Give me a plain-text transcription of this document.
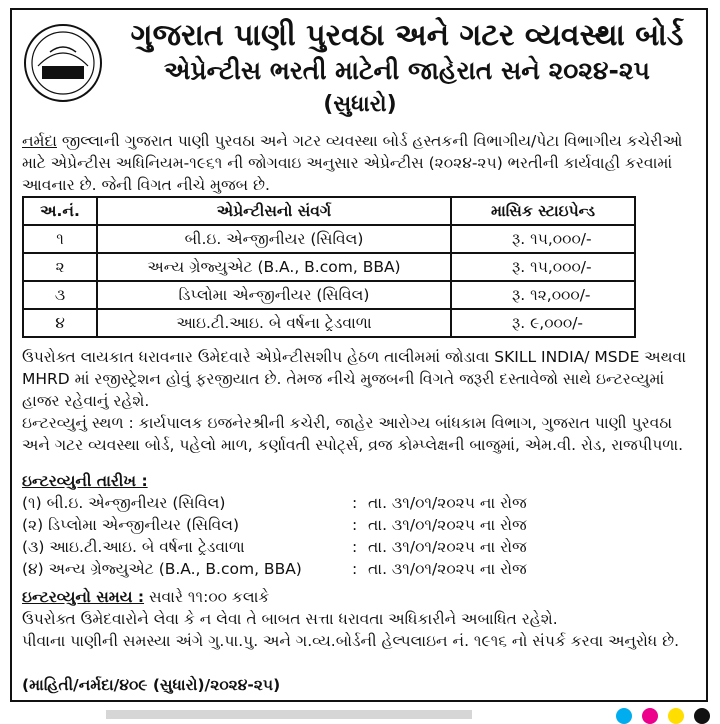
ગુજરાત પાણી પુરવઠા અને ગટર વ્યવસ્થા બોર્ડ
એપ્રેન્ટીસ ભરતી માટેની જાહેરાત સને ૨૦૨૪-૨૫
(સુધારો)
નર્મદા જીલ્લાની ગુજરાત પાણી પુરવઠા અને ગટર વ્યવસ્થા બોર્ડ હસ્તકની વિભાગીય/પેટા વિભાગીય કચેરીઓ માટે એપ્રેન્ટીસ અધિનિયમ-૧૯૬૧ ની જોગવાઇ અનુસાર એપ્રેન્ટીસ (૨૦૨૪-૨૫) ભરતીની કાર્યવાહી કરવામાં આવનાર છે. જેની વિગત નીચે મુજબ છે.
અ.નં.	એપ્રેન્ટીસનો સંવર્ગ	માસિક સ્ટાઇપેન્ડ
૧	બી.ઇ. એન્જીનીયર (સિવિલ)	રૂ. ૧૫,૦૦૦/-
૨	અન્ય ગ્રેજ્યુએટ (B.A., B.com, BBA)	રૂ. ૧૫,૦૦૦/-
૩	ડિપ્લોમા એન્જીનીયર (સિવિલ)	રૂ. ૧૨,૦૦૦/-
૪	આઇ.ટી.આઇ. બે વર્ષના ટ્રેડવાળા	રૂ. ૯,૦૦૦/-
ઉપરોક્ત લાયકાત ધરાવનાર ઉમેદવારે એપ્રેન્ટીસશીપ હેઠળ તાલીમમાં જોડાવા SKILL INDIA/ MSDE અથવા MHRD માં રજીસ્ટ્રેશન હોવું ફરજીયાત છે. તેમજ નીચે મુજબની વિગતે જરૂરી દસ્તાવેજો સાથે ઇન્ટરવ્યુમાં હાજર રહેવાનું રહેશે.
ઇન્ટરવ્યુનું સ્થળ : કાર્યપાલક ઇજનેરશ્રીની કચેરી, જાહેર આરોગ્ય બાંધકામ વિભાગ, ગુજરાત પાણી પુરવઠા અને ગટર વ્યવસ્થા બોર્ડ, પહેલો માળ, કર્ણાવતી સ્પોર્ટ્સ, વ્રજ કોમ્પ્લેક્ષની બાજુમાં, એમ.વી. રોડ, રાજપીપળા.
ઇન્ટરવ્યુની તારીખ :
(૧) બી.ઇ. એન્જીનીયર (સિવિલ)	: તા. ૩૧/૦૧/૨૦૨૫ ના રોજ
(૨) ડિપ્લોમા એન્જીનીયર (સિવિલ)	: તા. ૩૧/૦૧/૨૦૨૫ ના રોજ
(૩) આઇ.ટી.આઇ. બે વર્ષના ટ્રેડવાળા	: તા. ૩૧/૦૧/૨૦૨૫ ના રોજ
(૪) અન્ય ગ્રેજ્યુએટ (B.A., B.com, BBA)	: તા. ૩૧/૦૧/૨૦૨૫ ના રોજ
ઇન્ટરવ્યુનો સમય : સવારે ૧૧:૦૦ કલાકે
ઉપરોક્ત ઉમેદવારોને લેવા કે ન લેવા તે બાબત સત્તા ધરાવતા અધિકારીને અબાધિત રહેશે.
પીવાના પાણીની સમસ્યા અંગે ગુ.પા.પુ. અને ગ.વ્ય.બોર્ડની હેલ્પલાઇન નં. ૧૯૧૬ નો સંપર્ક કરવા અનુરોધ છે.
(માહિતી/નર્મદા/૪૦૯ (સુધારો)/૨૦૨૪-૨૫)
